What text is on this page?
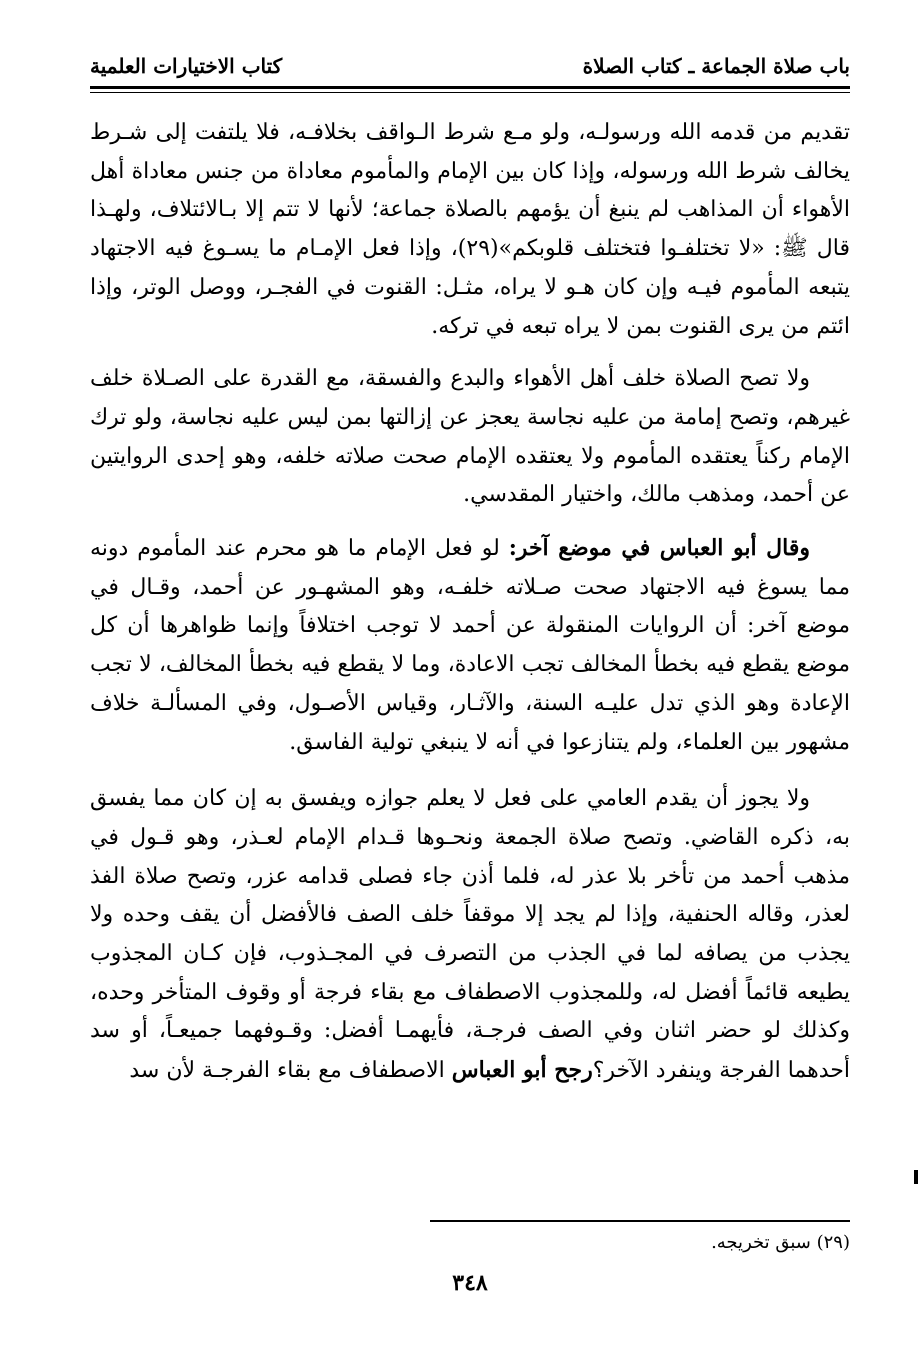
باب صلاة الجماعة ـ كتاب الصلاة
كتاب الاختيارات العلمية

تقديم من قدمه الله ورسولـه، ولو مـع شرط الـواقف بخلافـه، فلا يلتفت إلى شـرط يخالف شرط الله ورسوله، وإذا كان بين الإمام والمأموم معاداة من جنس معاداة أهل الأهواء أن المذاهب لم ينبغ أن يؤمهم بالصلاة جماعة؛ لأنها لا تتم إلا بـالائتلاف، ولهـذا قال ﷺ: «لا تختلفـوا فتختلف قلوبكم»(٢٩)، وإذا فعل الإمـام ما يسـوغ فيه الاجتهاد يتبعه المأموم فيـه وإن كان هـو لا يراه، مثـل: القنوت في الفجـر، ووصل الوتر، وإذا ائتم من يرى القنوت بمن لا يراه تبعه في تركه.

ولا تصح الصلاة خلف أهل الأهواء والبدع والفسقة، مع القدرة على الصـلاة خلف غيرهم، وتصح إمامة من عليه نجاسة يعجز عن إزالتها بمن ليس عليه نجاسة، ولو ترك الإمام ركناً يعتقده المأموم ولا يعتقده الإمام صحت صلاته خلفه، وهو إحدى الروايتين عن أحمد، ومذهب مالك، واختيار المقدسي.

وقال أبو العباس في موضع آخر: لو فعل الإمام ما هو محرم عند المأموم دونه مما يسوغ فيه الاجتهاد صحت صـلاته خلفـه، وهو المشهـور عن أحمد، وقـال في موضع آخر: أن الروايات المنقولة عن أحمد لا توجب اختلافاً وإنما ظواهرها أن كل موضع يقطع فيه بخطأ المخالف تجب الاعادة، وما لا يقطع فيه بخطأ المخالف، لا تجب الإعادة وهو الذي تدل عليـه السنة، والآثـار، وقياس الأصـول، وفي المسألـة خلاف مشهور بين العلماء، ولم يتنازعوا في أنه لا ينبغي تولية الفاسق.

ولا يجوز أن يقدم العامي على فعل لا يعلم جوازه ويفسق به إن كان مما يفسق به، ذكره القاضي. وتصح صلاة الجمعة ونحـوها قـدام الإمام لعـذر، وهو قـول في مذهب أحمد من تأخر بلا عذر له، فلما أذن جاء فصلى قدامه عزر، وتصح صلاة الفذ لعذر، وقاله الحنفية، وإذا لم يجد إلا موقفاً خلف الصف فالأفضل أن يقف وحده ولا يجذب من يصافه لما في الجذب من التصرف في المجـذوب، فإن كـان المجذوب يطيعه قائماً أفضل له، وللمجذوب الاصطفاف مع بقاء فرجة أو وقوف المتأخر وحده، وكذلك لو حضر اثنان وفي الصف فرجـة، فأيهمـا أفضل: وقـوفهما جميعـاً، أو سد أحدهما الفرجة وينفرد الآخر؟رجح أبو العباس الاصطفاف مع بقاء الفرجـة لأن سد

(٢٩) سبق تخريجه.
٣٤٨
